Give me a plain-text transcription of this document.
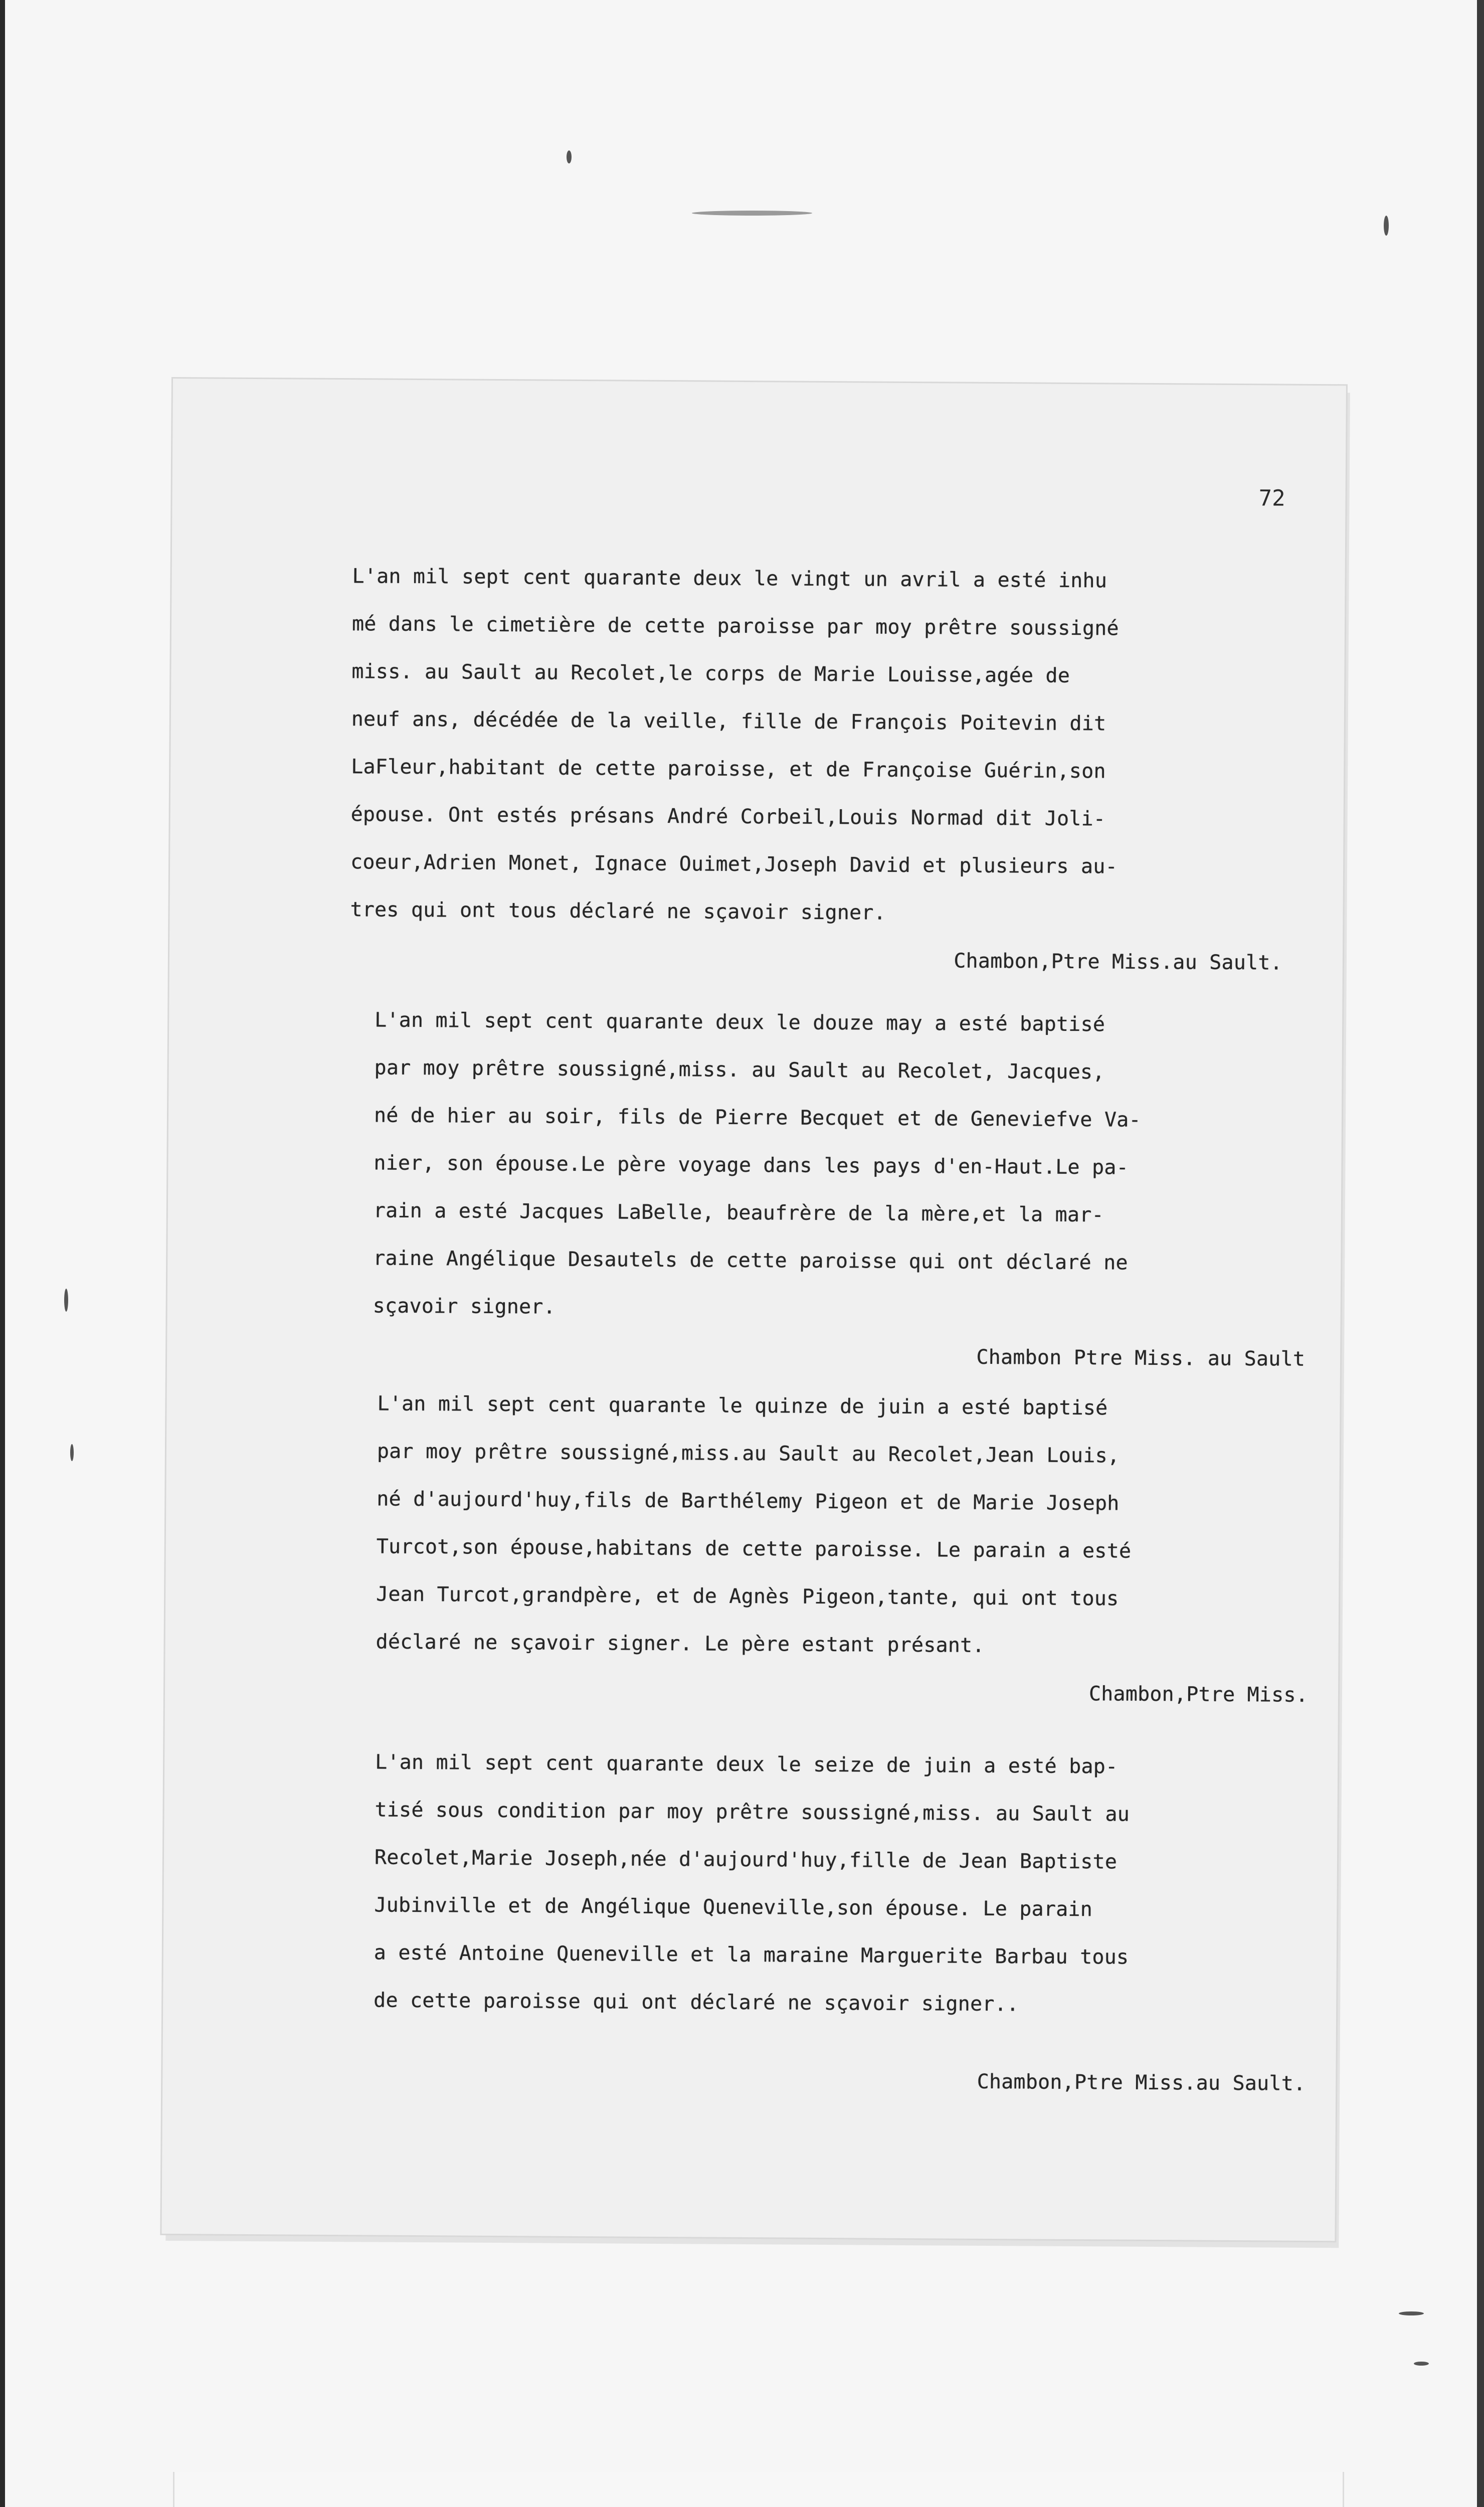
72
L'an mil sept cent quarante deux le vingt un avril a esté inhu
mé dans le cimetière de cette paroisse par moy prêtre soussigné
miss. au Sault au Recolet,le corps de Marie Louisse,agée de
neuf ans, décédée de la veille, fille de François Poitevin dit
LaFleur,habitant de cette paroisse, et de Françoise Guérin,son
épouse. Ont estés présans André Corbeil,Louis Normad dit Joli-
coeur,Adrien Monet, Ignace Ouimet,Joseph David et plusieurs au-
tres qui ont tous déclaré ne sçavoir signer.
Chambon,Ptre Miss.au Sault.
L'an mil sept cent quarante deux le douze may a esté baptisé
par moy prêtre soussigné,miss. au Sault au Recolet, Jacques,
né de hier au soir, fils de Pierre Becquet et de Geneviefve Va-
nier, son épouse.Le père voyage dans les pays d'en-Haut.Le pa-
rain a esté Jacques LaBelle, beaufrère de la mère,et la mar-
raine Angélique Desautels de cette paroisse qui ont déclaré ne
sçavoir signer.
Chambon Ptre Miss. au Sault
L'an mil sept cent quarante le quinze de juin a esté baptisé
par moy prêtre soussigné,miss.au Sault au Recolet,Jean Louis,
né d'aujourd'huy,fils de Barthélemy Pigeon et de Marie Joseph
Turcot,son épouse,habitans de cette paroisse. Le parain a esté
Jean Turcot,grandpère, et de Agnès Pigeon,tante, qui ont tous
déclaré ne sçavoir signer. Le père estant présant.
Chambon,Ptre Miss.
L'an mil sept cent quarante deux le seize de juin a esté bap-
tisé sous condition par moy prêtre soussigné,miss. au Sault au
Recolet,Marie Joseph,née d'aujourd'huy,fille de Jean Baptiste
Jubinville et de Angélique Queneville,son épouse. Le parain
a esté Antoine Queneville et la maraine Marguerite Barbau tous
de cette paroisse qui ont déclaré ne sçavoir signer..
Chambon,Ptre Miss.au Sault.
